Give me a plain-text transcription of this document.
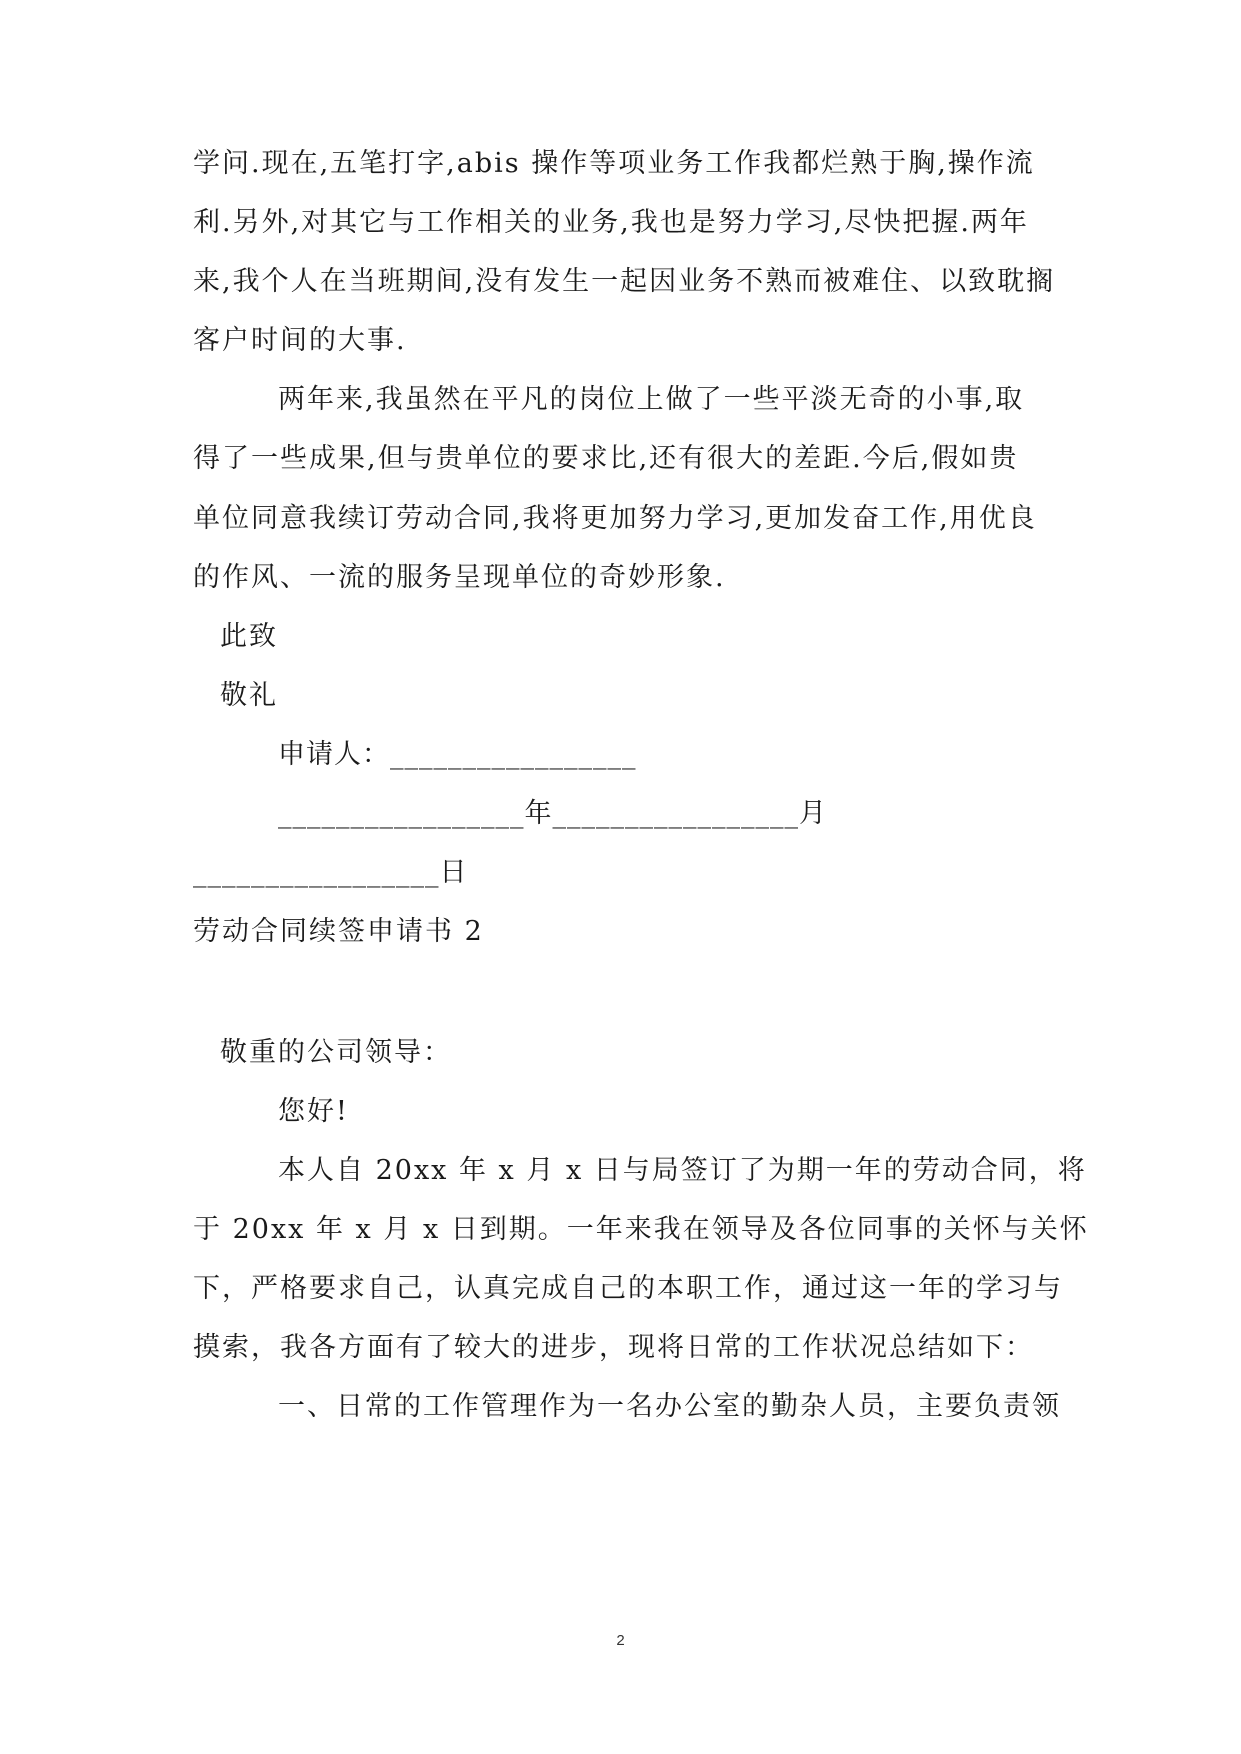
学问.现在,五笔打字,abis 操作等项业务工作我都烂熟于胸,操作流
利.另外,对其它与工作相关的业务,我也是努力学习,尽快把握.两年
来,我个人在当班期间,没有发生一起因业务不熟而被难住、以致耽搁
客户时间的大事.
两年来,我虽然在平凡的岗位上做了一些平淡无奇的小事,取
得了一些成果,但与贵单位的要求比,还有很大的差距.今后,假如贵
单位同意我续订劳动合同,我将更加努力学习,更加发奋工作,用优良
的作风、一流的服务呈现单位的奇妙形象.
此致
敬礼
申请人：_________________
_________________年_________________月
_________________日
劳动合同续签申请书 2
敬重的公司领导：
您好!
本人自 20xx 年 x 月 x 日与局签订了为期一年的劳动合同，将
于 20xx 年 x 月 x 日到期。一年来我在领导及各位同事的关怀与关怀
下，严格要求自己，认真完成自己的本职工作，通过这一年的学习与
摸索，我各方面有了较大的进步，现将日常的工作状况总结如下：
一、日常的工作管理作为一名办公室的勤杂人员，主要负责领
2
